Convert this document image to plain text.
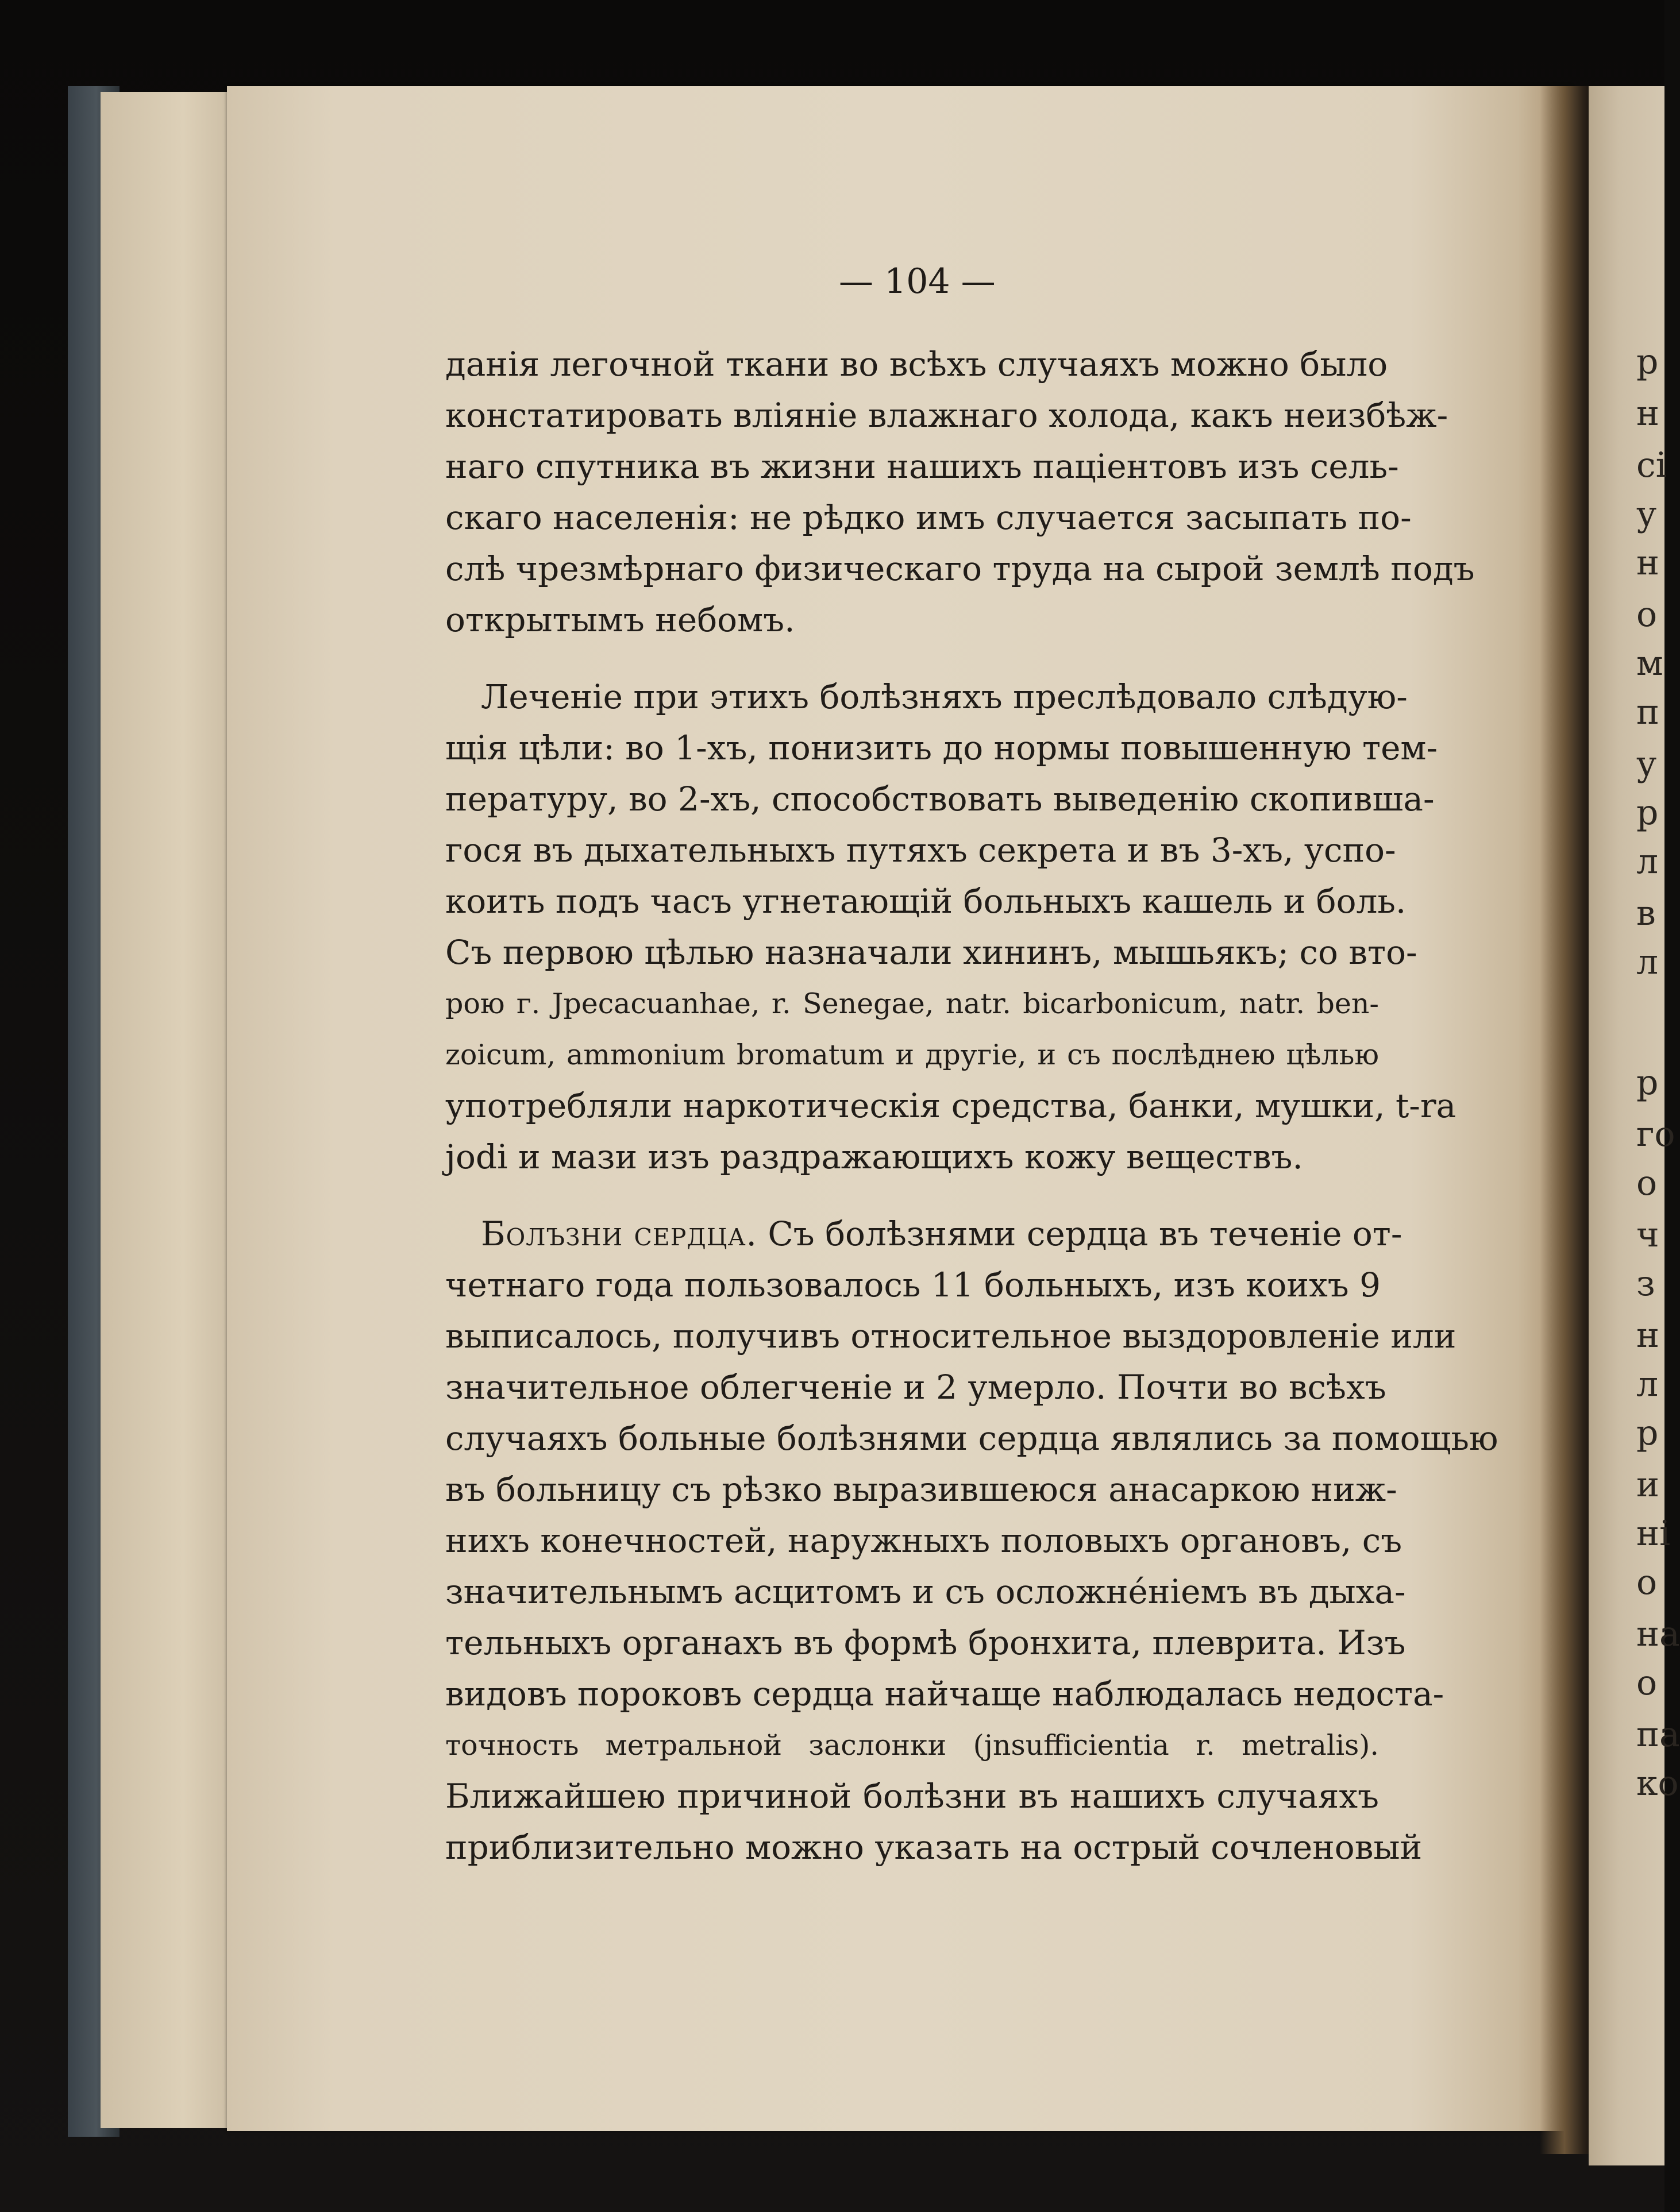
— 104 —
данія легочной ткани во всѣхъ случаяхъ можно было
констатировать вліяніе влажнаго холода, какъ неизбѣж-
наго спутника въ жизни нашихъ паціентовъ изъ сель-
скаго населенія: не рѣдко имъ случается засыпать по-
слѣ чрезмѣрнаго физическаго труда на сырой землѣ подъ
открытымъ небомъ.
Леченіе при этихъ болѣзняхъ преслѣдовало слѣдую-
щія цѣли: во 1-хъ, понизить до нормы повышенную тем-
пературу, во 2-хъ, способствовать выведенію скопивша-
гося въ дыхательныхъ путяхъ секрета и въ 3-хъ, успо-
коить подъ часъ угнетающій больныхъ кашель и боль.
Съ первою цѣлью назначали хининъ, мышьякъ; со вто-
рою г. Jpecacuanhae, r. Senegae, natr. bicarbonicum, natr. ben-
zoicum, ammonium bromatum и другіе, и съ послѣднею цѣлью
употребляли наркотическія средства, банки, мушки, t-ra
jodi и мази изъ раздражающихъ кожу веществъ.
Болъзни сердца. Съ болѣзнями сердца въ теченіе от-
четнаго года пользовалось 11 больныхъ, изъ коихъ 9
выписалось, получивъ относительное выздоровленіе или
значительное облегченіе и 2 умерло. Почти во всѣхъ
случаяхъ больные болѣзнями сердца являлись за помощью
въ больницу съ рѣзко выразившеюся анасаркою ниж-
нихъ конечностей, наружныхъ половыхъ органовъ, съ
значительнымъ асцитомъ и съ осложнéніемъ въ дыха-
тельныхъ органахъ въ формѣ бронхита, плеврита. Изъ
видовъ пороковъ сердца найчаще наблюдалась недоста-
точность метральной заслонки (jnsufficientia r. metralis).
Ближайшею причиной болѣзни въ нашихъ случаяхъ
приблизительно можно указать на острый сочленовый
р
н
сі
у
н
о
м
п
у
р
л
в
л
р
го
о
ч
з
н
л
р
и
ні
о
на
о
па
ко
